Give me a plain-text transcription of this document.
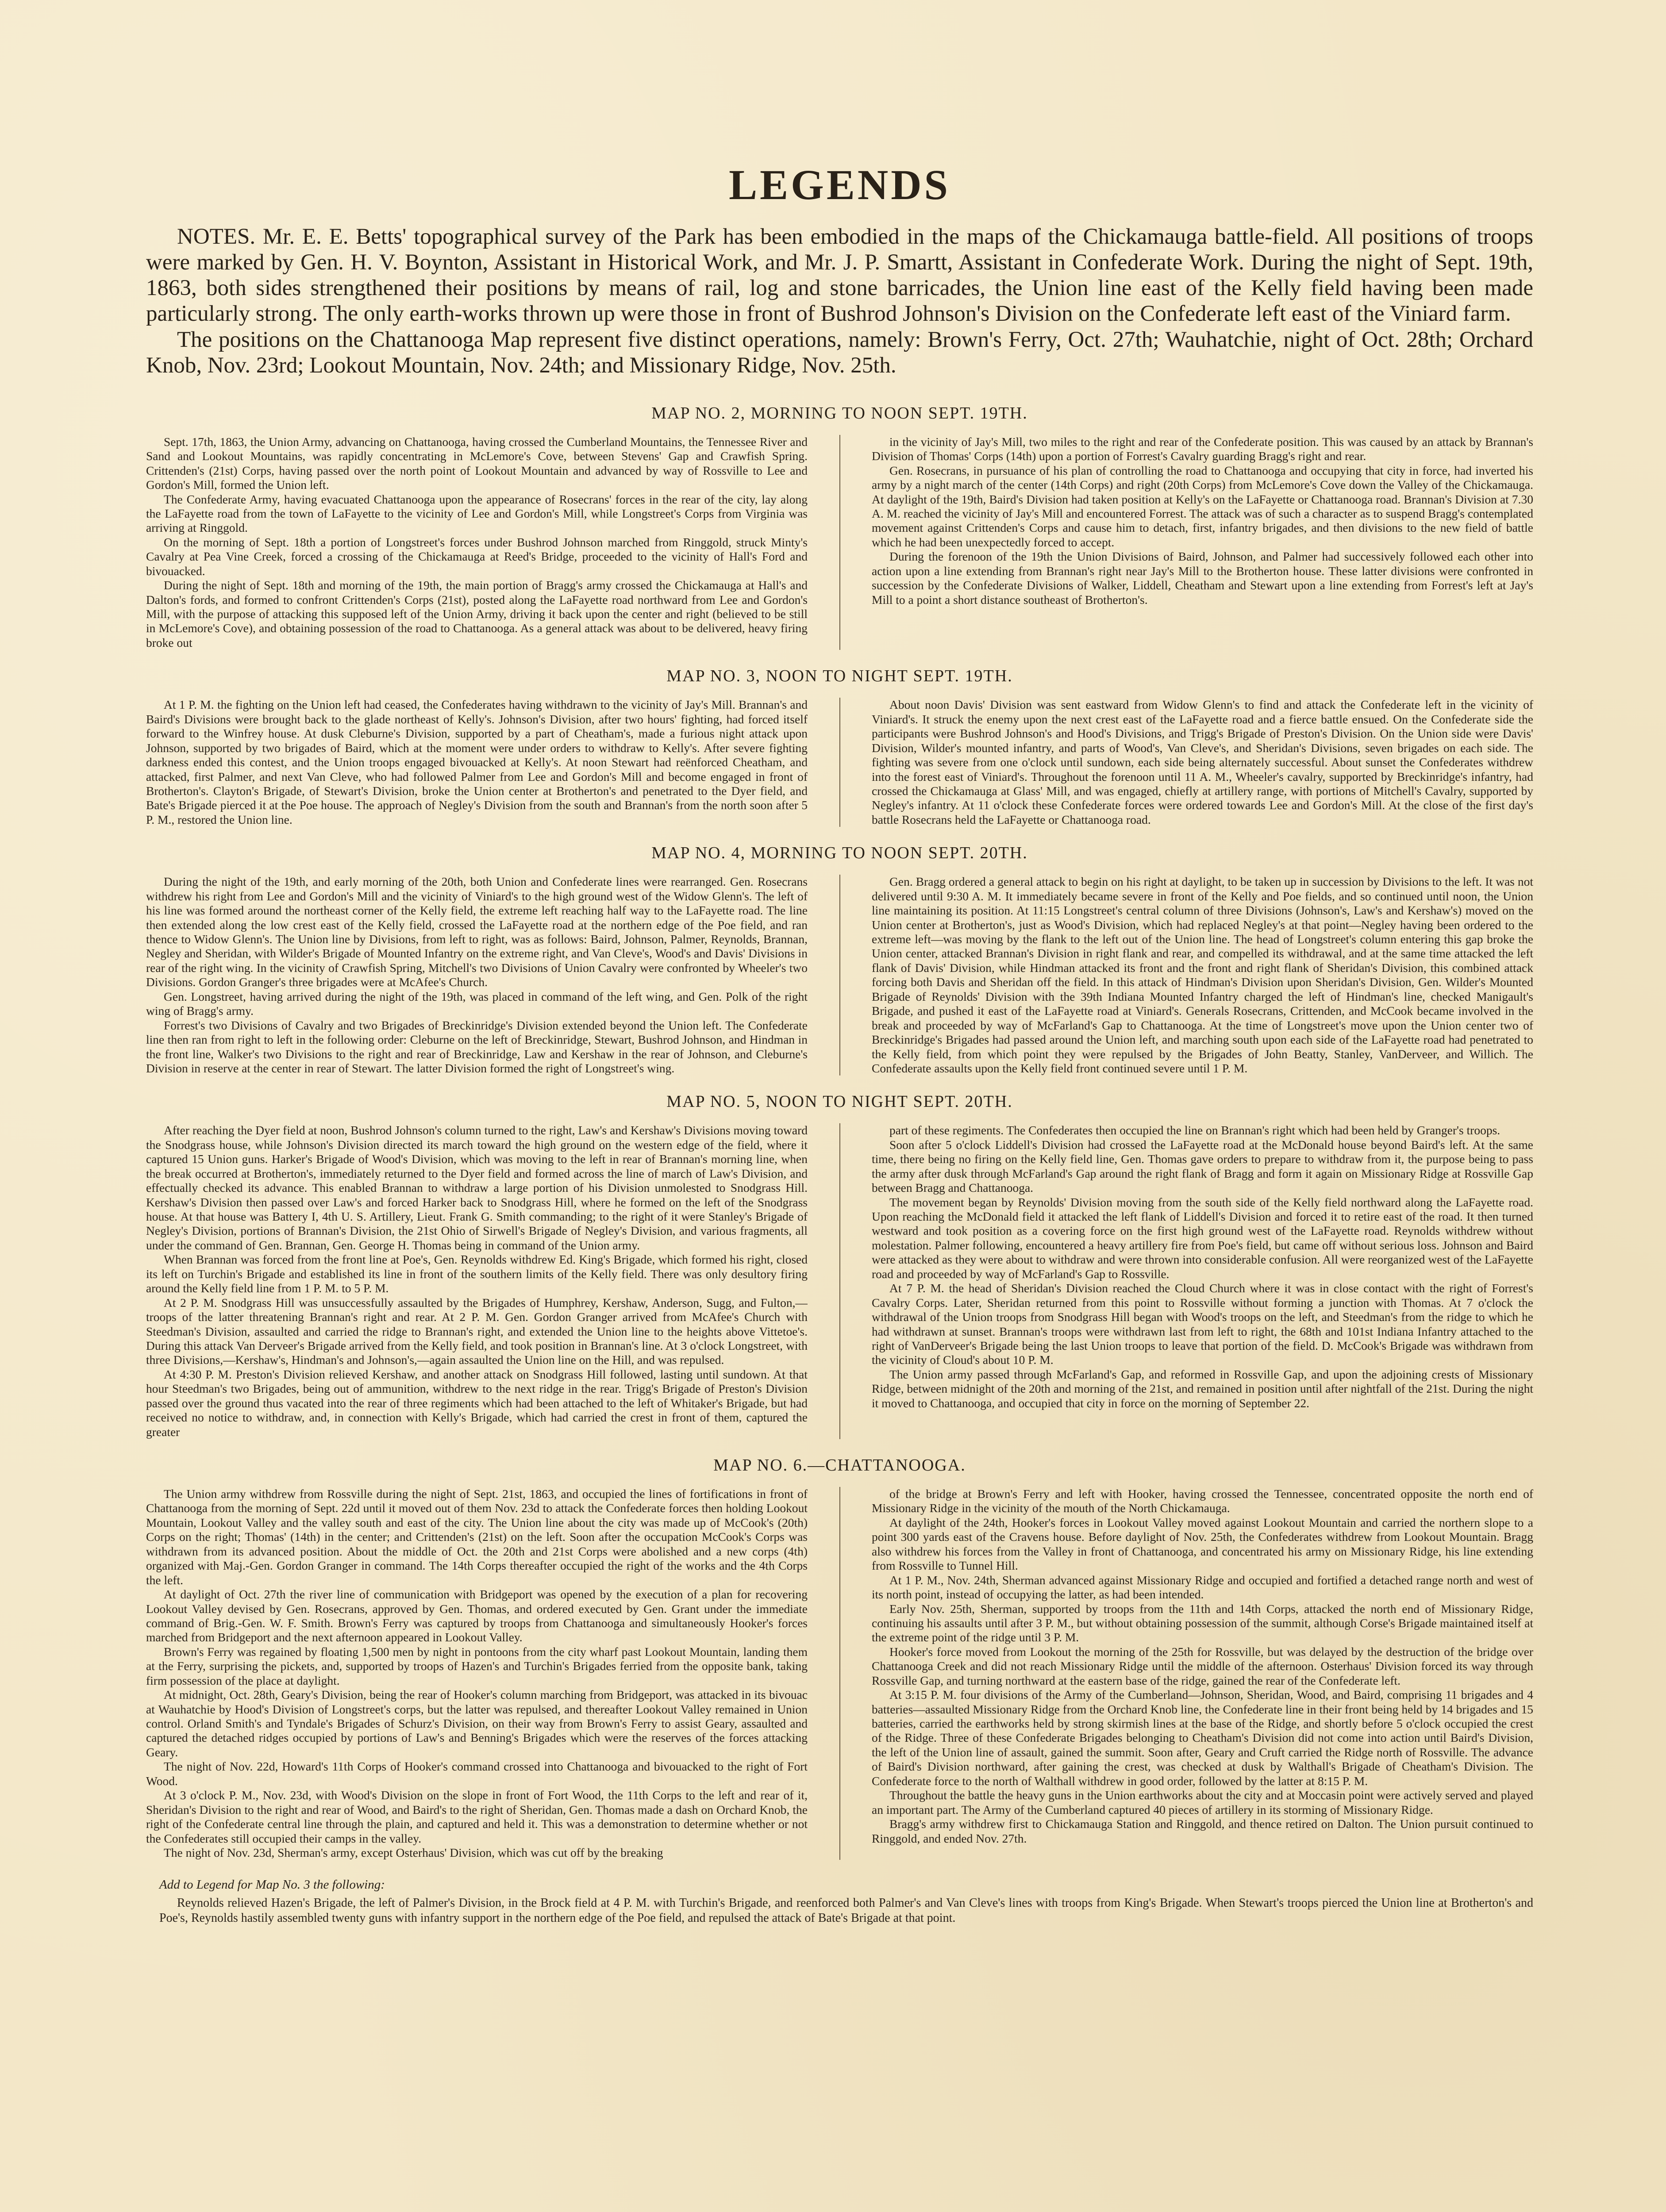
LEGENDS

NOTES. Mr. E. E. Betts' topographical survey of the Park has been embodied in the maps of the Chickamauga battle-field. All positions of troops were marked by Gen. H. V. Boynton, Assistant in Historical Work, and Mr. J. P. Smartt, Assistant in Confederate Work. During the night of Sept. 19th, 1863, both sides strengthened their positions by means of rail, log and stone barricades, the Union line east of the Kelly field having been made particularly strong. The only earth-works thrown up were those in front of Bushrod Johnson's Division on the Confederate left east of the Viniard farm.

The positions on the Chattanooga Map represent five distinct operations, namely: Brown's Ferry, Oct. 27th; Wauhatchie, night of Oct. 28th; Orchard Knob, Nov. 23rd; Lookout Mountain, Nov. 24th; and Missionary Ridge, Nov. 25th.

MAP NO. 2, MORNING TO NOON SEPT. 19TH.

Sept. 17th, 1863, the Union Army, advancing on Chattanooga, having crossed the Cumberland Mountains, the Tennessee River and Sand and Lookout Mountains, was rapidly concentrating in McLemore's Cove, between Stevens' Gap and Crawfish Spring. Crittenden's (21st) Corps, having passed over the north point of Lookout Mountain and advanced by way of Rossville to Lee and Gordon's Mill, formed the Union left.

The Confederate Army, having evacuated Chattanooga upon the appearance of Rosecrans' forces in the rear of the city, lay along the LaFayette road from the town of LaFayette to the vicinity of Lee and Gordon's Mill, while Longstreet's Corps from Virginia was arriving at Ringgold.

On the morning of Sept. 18th a portion of Longstreet's forces under Bushrod Johnson marched from Ringgold, struck Minty's Cavalry at Pea Vine Creek, forced a crossing of the Chickamauga at Reed's Bridge, proceeded to the vicinity of Hall's Ford and bivouacked.

During the night of Sept. 18th and morning of the 19th, the main portion of Bragg's army crossed the Chickamauga at Hall's and Dalton's fords, and formed to confront Crittenden's Corps (21st), posted along the LaFayette road northward from Lee and Gordon's Mill, with the purpose of attacking this supposed left of the Union Army, driving it back upon the center and right (believed to be still in McLemore's Cove), and obtaining possession of the road to Chattanooga. As a general attack was about to be delivered, heavy firing broke out

in the vicinity of Jay's Mill, two miles to the right and rear of the Confederate position. This was caused by an attack by Brannan's Division of Thomas' Corps (14th) upon a portion of Forrest's Cavalry guarding Bragg's right and rear.

Gen. Rosecrans, in pursuance of his plan of controlling the road to Chattanooga and occupying that city in force, had inverted his army by a night march of the center (14th Corps) and right (20th Corps) from McLemore's Cove down the Valley of the Chickamauga. At daylight of the 19th, Baird's Division had taken position at Kelly's on the LaFayette or Chattanooga road. Brannan's Division at 7.30 A. M. reached the vicinity of Jay's Mill and encountered Forrest. The attack was of such a character as to suspend Bragg's contemplated movement against Crittenden's Corps and cause him to detach, first, infantry brigades, and then divisions to the new field of battle which he had been unexpectedly forced to accept.

During the forenoon of the 19th the Union Divisions of Baird, Johnson, and Palmer had successively followed each other into action upon a line extending from Brannan's right near Jay's Mill to the Brotherton house. These latter divisions were confronted in succession by the Confederate Divisions of Walker, Liddell, Cheatham and Stewart upon a line extending from Forrest's left at Jay's Mill to a point a short distance southeast of Brotherton's.

MAP NO. 3, NOON TO NIGHT SEPT. 19TH.

At 1 P. M. the fighting on the Union left had ceased, the Confederates having withdrawn to the vicinity of Jay's Mill. Brannan's and Baird's Divisions were brought back to the glade northeast of Kelly's. Johnson's Division, after two hours' fighting, had forced itself forward to the Winfrey house. At dusk Cleburne's Division, supported by a part of Cheatham's, made a furious night attack upon Johnson, supported by two brigades of Baird, which at the moment were under orders to withdraw to Kelly's. After severe fighting darkness ended this contest, and the Union troops engaged bivouacked at Kelly's. At noon Stewart had reënforced Cheatham, and attacked, first Palmer, and next Van Cleve, who had followed Palmer from Lee and Gordon's Mill and become engaged in front of Brotherton's. Clayton's Brigade, of Stewart's Division, broke the Union center at Brotherton's and penetrated to the Dyer field, and Bate's Brigade pierced it at the Poe house. The approach of Negley's Division from the south and Brannan's from the north soon after 5 P. M., restored the Union line.

About noon Davis' Division was sent eastward from Widow Glenn's to find and attack the Confederate left in the vicinity of Viniard's. It struck the enemy upon the next crest east of the LaFayette road and a fierce battle ensued. On the Confederate side the participants were Bushrod Johnson's and Hood's Divisions, and Trigg's Brigade of Preston's Division. On the Union side were Davis' Division, Wilder's mounted infantry, and parts of Wood's, Van Cleve's, and Sheridan's Divisions, seven brigades on each side. The fighting was severe from one o'clock until sundown, each side being alternately successful. About sunset the Confederates withdrew into the forest east of Viniard's. Throughout the forenoon until 11 A. M., Wheeler's cavalry, supported by Breckinridge's infantry, had crossed the Chickamauga at Glass' Mill, and was engaged, chiefly at artillery range, with portions of Mitchell's Cavalry, supported by Negley's infantry. At 11 o'clock these Confederate forces were ordered towards Lee and Gordon's Mill. At the close of the first day's battle Rosecrans held the LaFayette or Chattanooga road.

MAP NO. 4, MORNING TO NOON SEPT. 20TH.

During the night of the 19th, and early morning of the 20th, both Union and Confederate lines were rearranged. Gen. Rosecrans withdrew his right from Lee and Gordon's Mill and the vicinity of Viniard's to the high ground west of the Widow Glenn's. The left of his line was formed around the northeast corner of the Kelly field, the extreme left reaching half way to the LaFayette road. The line then extended along the low crest east of the Kelly field, crossed the LaFayette road at the northern edge of the Poe field, and ran thence to Widow Glenn's. The Union line by Divisions, from left to right, was as follows: Baird, Johnson, Palmer, Reynolds, Brannan, Negley and Sheridan, with Wilder's Brigade of Mounted Infantry on the extreme right, and Van Cleve's, Wood's and Davis' Divisions in rear of the right wing. In the vicinity of Crawfish Spring, Mitchell's two Divisions of Union Cavalry were confronted by Wheeler's two Divisions. Gordon Granger's three brigades were at McAfee's Church.

Gen. Longstreet, having arrived during the night of the 19th, was placed in command of the left wing, and Gen. Polk of the right wing of Bragg's army.

Forrest's two Divisions of Cavalry and two Brigades of Breckinridge's Division extended beyond the Union left. The Confederate line then ran from right to left in the following order: Cleburne on the left of Breckinridge, Stewart, Bushrod Johnson, and Hindman in the front line, Walker's two Divisions to the right and rear of Breckinridge, Law and Kershaw in the rear of Johnson, and Cleburne's Division in reserve at the center in rear of Stewart. The latter Division formed the right of Longstreet's wing.

Gen. Bragg ordered a general attack to begin on his right at daylight, to be taken up in succession by Divisions to the left. It was not delivered until 9:30 A. M. It immediately became severe in front of the Kelly and Poe fields, and so continued until noon, the Union line maintaining its position. At 11:15 Longstreet's central column of three Divisions (Johnson's, Law's and Kershaw's) moved on the Union center at Brotherton's, just as Wood's Division, which had replaced Negley's at that point—Negley having been ordered to the extreme left—was moving by the flank to the left out of the Union line. The head of Longstreet's column entering this gap broke the Union center, attacked Brannan's Division in right flank and rear, and compelled its withdrawal, and at the same time attacked the left flank of Davis' Division, while Hindman attacked its front and the front and right flank of Sheridan's Division, this combined attack forcing both Davis and Sheridan off the field. In this attack of Hindman's Division upon Sheridan's Division, Gen. Wilder's Mounted Brigade of Reynolds' Division with the 39th Indiana Mounted Infantry charged the left of Hindman's line, checked Manigault's Brigade, and pushed it east of the LaFayette road at Viniard's. Generals Rosecrans, Crittenden, and McCook became involved in the break and proceeded by way of McFarland's Gap to Chattanooga. At the time of Longstreet's move upon the Union center two of Breckinridge's Brigades had passed around the Union left, and marching south upon each side of the LaFayette road had penetrated to the Kelly field, from which point they were repulsed by the Brigades of John Beatty, Stanley, VanDerveer, and Willich. The Confederate assaults upon the Kelly field front continued severe until 1 P. M.

MAP NO. 5, NOON TO NIGHT SEPT. 20TH.

After reaching the Dyer field at noon, Bushrod Johnson's column turned to the right, Law's and Kershaw's Divisions moving toward the Snodgrass house, while Johnson's Division directed its march toward the high ground on the western edge of the field, where it captured 15 Union guns. Harker's Brigade of Wood's Division, which was moving to the left in rear of Brannan's morning line, when the break occurred at Brotherton's, immediately returned to the Dyer field and formed across the line of march of Law's Division, and effectually checked its advance. This enabled Brannan to withdraw a large portion of his Division unmolested to Snodgrass Hill. Kershaw's Division then passed over Law's and forced Harker back to Snodgrass Hill, where he formed on the left of the Snodgrass house. At that house was Battery I, 4th U. S. Artillery, Lieut. Frank G. Smith commanding; to the right of it were Stanley's Brigade of Negley's Division, portions of Brannan's Division, the 21st Ohio of Sirwell's Brigade of Negley's Division, and various fragments, all under the command of Gen. Brannan, Gen. George H. Thomas being in command of the Union army.

When Brannan was forced from the front line at Poe's, Gen. Reynolds withdrew Ed. King's Brigade, which formed his right, closed its left on Turchin's Brigade and established its line in front of the southern limits of the Kelly field. There was only desultory firing around the Kelly field line from 1 P. M. to 5 P. M.

At 2 P. M. Snodgrass Hill was unsuccessfully assaulted by the Brigades of Humphrey, Kershaw, Anderson, Sugg, and Fulton,—troops of the latter threatening Brannan's right and rear. At 2 P. M. Gen. Gordon Granger arrived from McAfee's Church with Steedman's Division, assaulted and carried the ridge to Brannan's right, and extended the Union line to the heights above Vittetoe's. During this attack Van Derveer's Brigade arrived from the Kelly field, and took position in Brannan's line. At 3 o'clock Longstreet, with three Divisions,—Kershaw's, Hindman's and Johnson's,—again assaulted the Union line on the Hill, and was repulsed.

At 4:30 P. M. Preston's Division relieved Kershaw, and another attack on Snodgrass Hill followed, lasting until sundown. At that hour Steedman's two Brigades, being out of ammunition, withdrew to the next ridge in the rear. Trigg's Brigade of Preston's Division passed over the ground thus vacated into the rear of three regiments which had been attached to the left of Whitaker's Brigade, but had received no notice to withdraw, and, in connection with Kelly's Brigade, which had carried the crest in front of them, captured the greater

part of these regiments. The Confederates then occupied the line on Brannan's right which had been held by Granger's troops.

Soon after 5 o'clock Liddell's Division had crossed the LaFayette road at the McDonald house beyond Baird's left. At the same time, there being no firing on the Kelly field line, Gen. Thomas gave orders to prepare to withdraw from it, the purpose being to pass the army after dusk through McFarland's Gap around the right flank of Bragg and form it again on Missionary Ridge at Rossville Gap between Bragg and Chattanooga.

The movement began by Reynolds' Division moving from the south side of the Kelly field northward along the LaFayette road. Upon reaching the McDonald field it attacked the left flank of Liddell's Division and forced it to retire east of the road. It then turned westward and took position as a covering force on the first high ground west of the LaFayette road. Reynolds withdrew without molestation. Palmer following, encountered a heavy artillery fire from Poe's field, but came off without serious loss. Johnson and Baird were attacked as they were about to withdraw and were thrown into considerable confusion. All were reorganized west of the LaFayette road and proceeded by way of McFarland's Gap to Rossville.

At 7 P. M. the head of Sheridan's Division reached the Cloud Church where it was in close contact with the right of Forrest's Cavalry Corps. Later, Sheridan returned from this point to Rossville without forming a junction with Thomas. At 7 o'clock the withdrawal of the Union troops from Snodgrass Hill began with Wood's troops on the left, and Steedman's from the ridge to which he had withdrawn at sunset. Brannan's troops were withdrawn last from left to right, the 68th and 101st Indiana Infantry attached to the right of VanDerveer's Brigade being the last Union troops to leave that portion of the field. D. McCook's Brigade was withdrawn from the vicinity of Cloud's about 10 P. M.

The Union army passed through McFarland's Gap, and reformed in Rossville Gap, and upon the adjoining crests of Missionary Ridge, between midnight of the 20th and morning of the 21st, and remained in position until after nightfall of the 21st. During the night it moved to Chattanooga, and occupied that city in force on the morning of September 22.

MAP NO. 6.—CHATTANOOGA.

The Union army withdrew from Rossville during the night of Sept. 21st, 1863, and occupied the lines of fortifications in front of Chattanooga from the morning of Sept. 22d until it moved out of them Nov. 23d to attack the Confederate forces then holding Lookout Mountain, Lookout Valley and the valley south and east of the city. The Union line about the city was made up of McCook's (20th) Corps on the right; Thomas' (14th) in the center; and Crittenden's (21st) on the left. Soon after the occupation McCook's Corps was withdrawn from its advanced position. About the middle of Oct. the 20th and 21st Corps were abolished and a new corps (4th) organized with Maj.-Gen. Gordon Granger in command. The 14th Corps thereafter occupied the right of the works and the 4th Corps the left.

At daylight of Oct. 27th the river line of communication with Bridgeport was opened by the execution of a plan for recovering Lookout Valley devised by Gen. Rosecrans, approved by Gen. Thomas, and ordered executed by Gen. Grant under the immediate command of Brig.-Gen. W. F. Smith. Brown's Ferry was captured by troops from Chattanooga and simultaneously Hooker's forces marched from Bridgeport and the next afternoon appeared in Lookout Valley.

Brown's Ferry was regained by floating 1,500 men by night in pontoons from the city wharf past Lookout Mountain, landing them at the Ferry, surprising the pickets, and, supported by troops of Hazen's and Turchin's Brigades ferried from the opposite bank, taking firm possession of the place at daylight.

At midnight, Oct. 28th, Geary's Division, being the rear of Hooker's column marching from Bridgeport, was attacked in its bivouac at Wauhatchie by Hood's Division of Longstreet's corps, but the latter was repulsed, and thereafter Lookout Valley remained in Union control. Orland Smith's and Tyndale's Brigades of Schurz's Division, on their way from Brown's Ferry to assist Geary, assaulted and captured the detached ridges occupied by portions of Law's and Benning's Brigades which were the reserves of the forces attacking Geary.

The night of Nov. 22d, Howard's 11th Corps of Hooker's command crossed into Chattanooga and bivouacked to the right of Fort Wood.

At 3 o'clock P. M., Nov. 23d, with Wood's Division on the slope in front of Fort Wood, the 11th Corps to the left and rear of it, Sheridan's Division to the right and rear of Wood, and Baird's to the right of Sheridan, Gen. Thomas made a dash on Orchard Knob, the right of the Confederate central line through the plain, and captured and held it. This was a demonstration to determine whether or not the Confederates still occupied their camps in the valley.

The night of Nov. 23d, Sherman's army, except Osterhaus' Division, which was cut off by the breaking

of the bridge at Brown's Ferry and left with Hooker, having crossed the Tennessee, concentrated opposite the north end of Missionary Ridge in the vicinity of the mouth of the North Chickamauga.

At daylight of the 24th, Hooker's forces in Lookout Valley moved against Lookout Mountain and carried the northern slope to a point 300 yards east of the Cravens house. Before daylight of Nov. 25th, the Confederates withdrew from Lookout Mountain. Bragg also withdrew his forces from the Valley in front of Chattanooga, and concentrated his army on Missionary Ridge, his line extending from Rossville to Tunnel Hill.

At 1 P. M., Nov. 24th, Sherman advanced against Missionary Ridge and occupied and fortified a detached range north and west of its north point, instead of occupying the latter, as had been intended.

Early Nov. 25th, Sherman, supported by troops from the 11th and 14th Corps, attacked the north end of Missionary Ridge, continuing his assaults until after 3 P. M., but without obtaining possession of the summit, although Corse's Brigade maintained itself at the extreme point of the ridge until 3 P. M.

Hooker's force moved from Lookout the morning of the 25th for Rossville, but was delayed by the destruction of the bridge over Chattanooga Creek and did not reach Missionary Ridge until the middle of the afternoon. Osterhaus' Division forced its way through Rossville Gap, and turning northward at the eastern base of the ridge, gained the rear of the Confederate left.

At 3:15 P. M. four divisions of the Army of the Cumberland—Johnson, Sheridan, Wood, and Baird, comprising 11 brigades and 4 batteries—assaulted Missionary Ridge from the Orchard Knob line, the Confederate line in their front being held by 14 brigades and 15 batteries, carried the earthworks held by strong skirmish lines at the base of the Ridge, and shortly before 5 o'clock occupied the crest of the Ridge. Three of these Confederate Brigades belonging to Cheatham's Division did not come into action until Baird's Division, the left of the Union line of assault, gained the summit. Soon after, Geary and Cruft carried the Ridge north of Rossville. The advance of Baird's Division northward, after gaining the crest, was checked at dusk by Walthall's Brigade of Cheatham's Division. The Confederate force to the north of Walthall withdrew in good order, followed by the latter at 8:15 P. M.

Throughout the battle the heavy guns in the Union earthworks about the city and at Moccasin point were actively served and played an important part. The Army of the Cumberland captured 40 pieces of artillery in its storming of Missionary Ridge.

Bragg's army withdrew first to Chickamauga Station and Ringgold, and thence retired on Dalton. The Union pursuit continued to Ringgold, and ended Nov. 27th.

Add to Legend for Map No. 3 the following:
Reynolds relieved Hazen's Brigade, the left of Palmer's Division, in the Brock field at 4 P. M. with Turchin's Brigade, and reenforced both Palmer's and Van Cleve's lines with troops from King's Brigade. When Stewart's troops pierced the Union line at Brotherton's and Poe's, Reynolds hastily assembled twenty guns with infantry support in the northern edge of the Poe field, and repulsed the attack of Bate's Brigade at that point.
